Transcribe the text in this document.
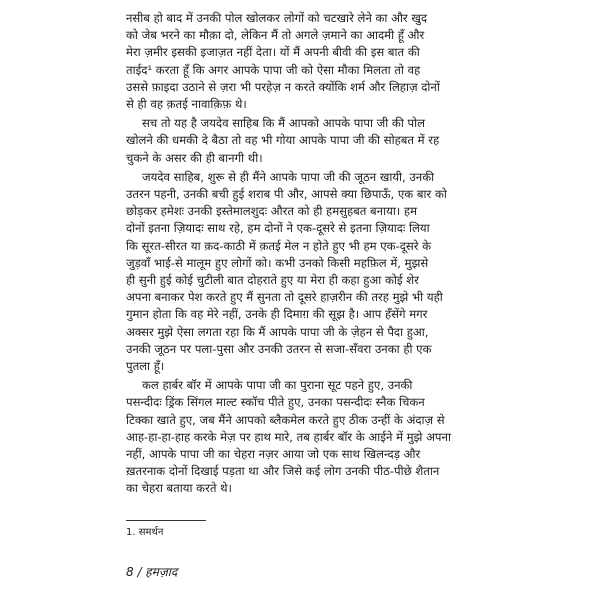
नसीब हो बाद में उनकी पोल खोलकर लोगों को चटखारे लेने का और खुद
को जेब भरने का मौक़ा दो, लेकिन मैं तो अगले ज़माने का आदमी हूँ और
मेरा ज़मीर इसकी इजाज़त नहीं देता। यों मैं अपनी बीवी की इस बात की
ताईद¹ करता हूँ कि अगर आपके पापा जी को ऐसा मौका मिलता तो वह
उससे फ़ाइदा उठाने से ज़रा भी परहेज़ न करते क्योंकि शर्म और लिहाज़ दोनों
से ही वह क़तई नावाक़िफ़ थे।

सच तो यह है जयदेव साहिब कि मैं आपको आपके पापा जी की पोल
खोलने की धमकी दे बैठा तो वह भी गोया आपके पापा जी की सोहबत में रह
चुकने के असर की ही बानगी थी।

जयदेव साहिब, शुरू से ही मैंने आपके पापा जी की जूठन खायी, उनकी
उतरन पहनी, उनकी बची हुई शराब पी और, आपसे क्या छिपाऊँ, एक बार को
छोड़कर हमेशः उनकी इस्तेमालशुदः औरत को ही हमसुहबत बनाया। हम
दोनों इतना ज़ियादः साथ रहे, हम दोनों ने एक-दूसरे से इतना ज़ियादः लिया
कि सूरत-सीरत या क़द-काठी में क़तई मेल न होते हुए भी हम एक-दूसरे के
जुड़वाँ भाई-से मालूम हुए लोगों को। कभी उनको किसी महफ़िल में, मुझसे
ही सुनी हुई कोई चुटीली बात दोहराते हुए या मेरा ही कहा हुआ कोई शेर
अपना बनाकर पेश करते हुए मैं सुनता तो दूसरे हाज़रीन की तरह मुझे भी यही
गुमान होता कि वह मेरे नहीं, उनके ही दिमाग़ की सूझ है। आप हँसेंगे मगर
अक्सर मुझे ऐसा लगता रहा कि मैं आपके पापा जी के ज़ेहन से पैदा हुआ,
उनकी जूठन पर पला-पुसा और उनकी उतरन से सजा-सँवरा उनका ही एक
पुतला हूँ।

कल हार्बर बॉर में आपके पापा जी का पुराना सूट पहने हुए, उनकी
पसन्दीदः ड्रिंक सिंगल माल्ट स्कॉच पीते हुए, उनका पसन्दीदः स्नैक चिकन
टिक्का खाते हुए, जब मैंने आपको ब्लैकमेल करते हुए ठीक उन्हीं के अंदाज़ से
आह-हा-हा-हाह करके मेज़ पर हाथ मारे, तब हार्बर बॉर के आईने में मुझे अपना
नहीं, आपके पापा जी का चेहरा नज़र आया जो एक साथ खिलन्दड़ और
ख़तरनाक दोनों दिखाई पड़ता था और जिसे कई लोग उनकी पीठ-पीछे शैतान
का चेहरा बताया करते थे।

1. समर्थन
8 / हमज़ाद
